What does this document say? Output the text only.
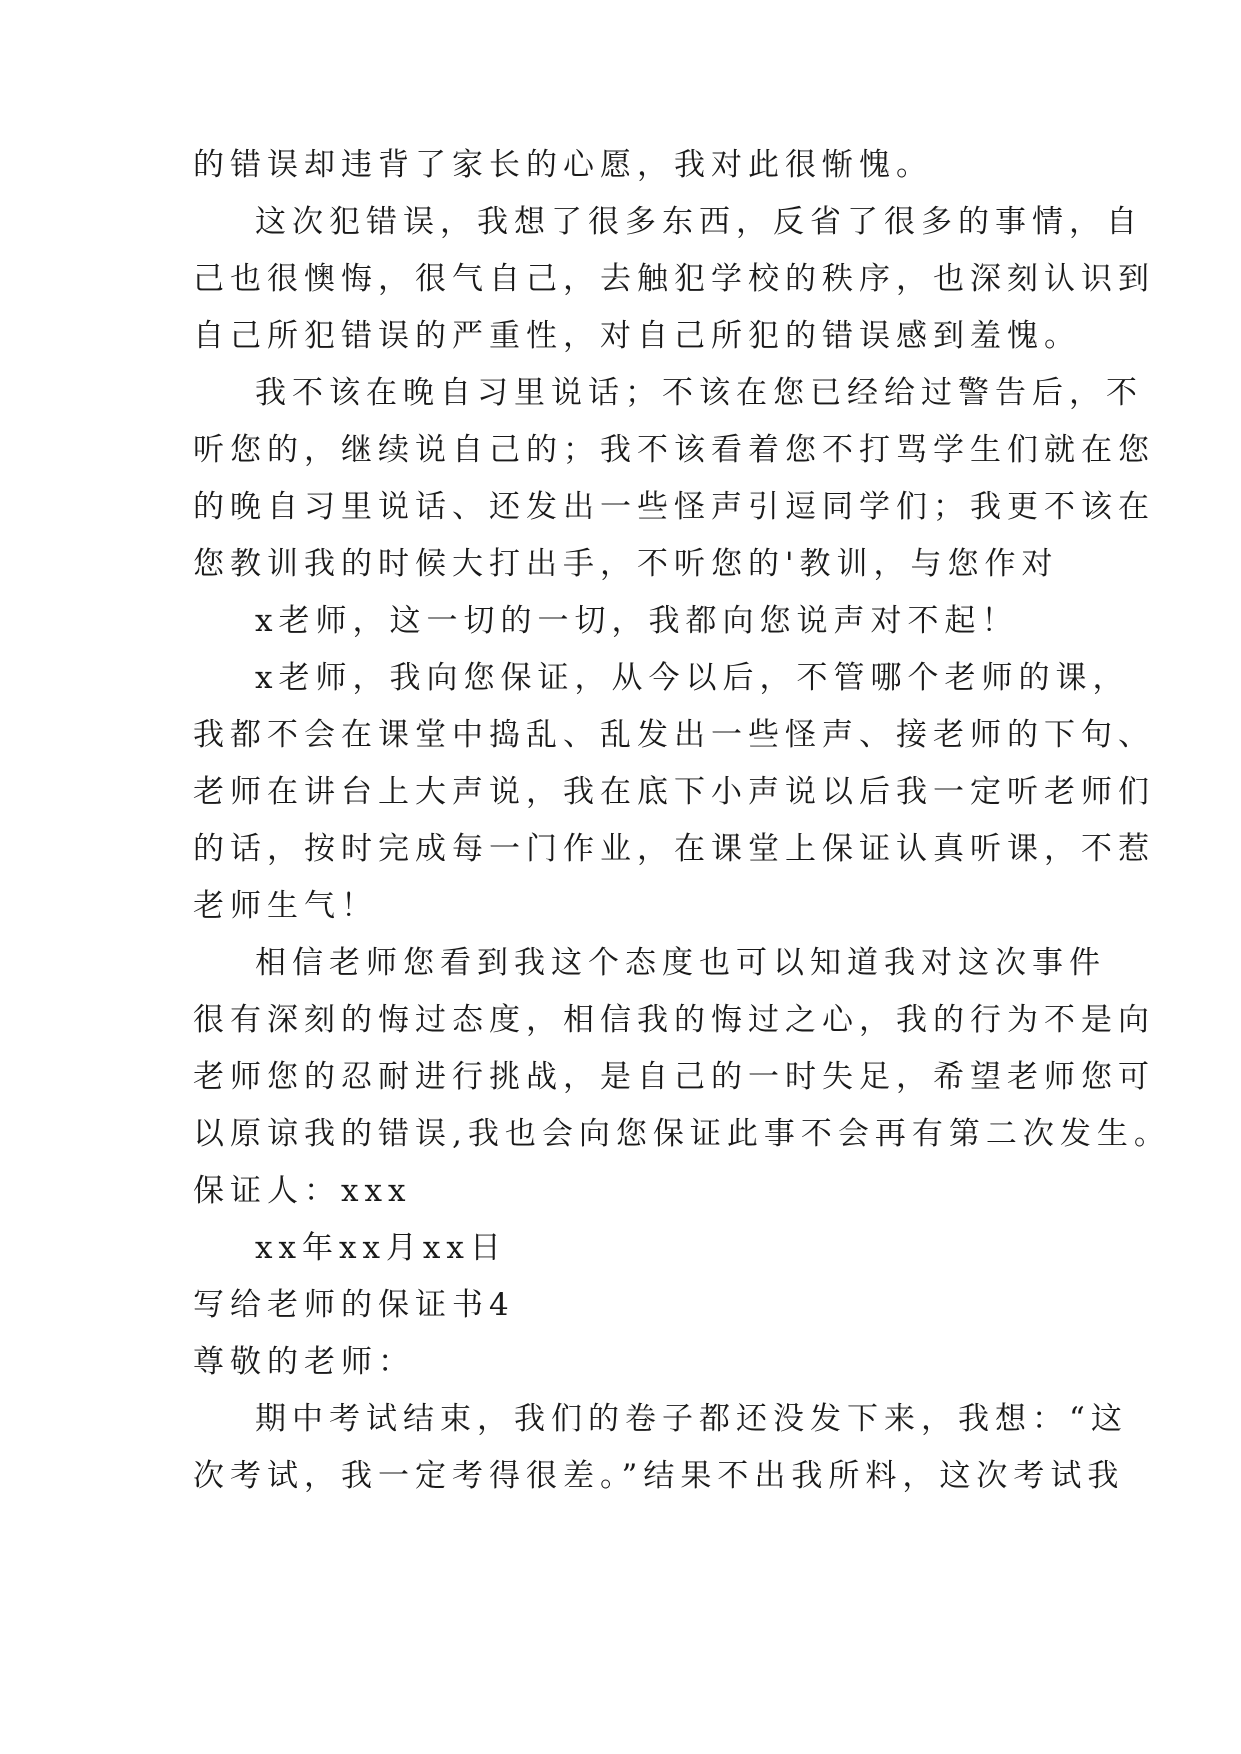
的错误却违背了家长的心愿，我对此很惭愧。
这次犯错误，我想了很多东西，反省了很多的事情，自
己也很懊悔，很气自己，去触犯学校的秩序，也深刻认识到
自己所犯错误的严重性，对自己所犯的错误感到羞愧。
我不该在晚自习里说话；不该在您已经给过警告后，不
听您的，继续说自己的；我不该看着您不打骂学生们就在您
的晚自习里说话、还发出一些怪声引逗同学们；我更不该在
您教训我的时候大打出手，不听您的'教训，与您作对
x老师，这一切的一切，我都向您说声对不起！
x老师，我向您保证，从今以后，不管哪个老师的课，
我都不会在课堂中捣乱、乱发出一些怪声、接老师的下句、
老师在讲台上大声说，我在底下小声说以后我一定听老师们
的话，按时完成每一门作业，在课堂上保证认真听课，不惹
老师生气！
相信老师您看到我这个态度也可以知道我对这次事件
很有深刻的悔过态度，相信我的悔过之心，我的行为不是向
老师您的忍耐进行挑战，是自己的一时失足，希望老师您可
以原谅我的错误,我也会向您保证此事不会再有第二次发生。
保证人：xxx
xx年xx月xx日
写给老师的保证书4
尊敬的老师：
期中考试结束，我们的卷子都还没发下来，我想：“这
次考试，我一定考得很差。”结果不出我所料，这次考试我
